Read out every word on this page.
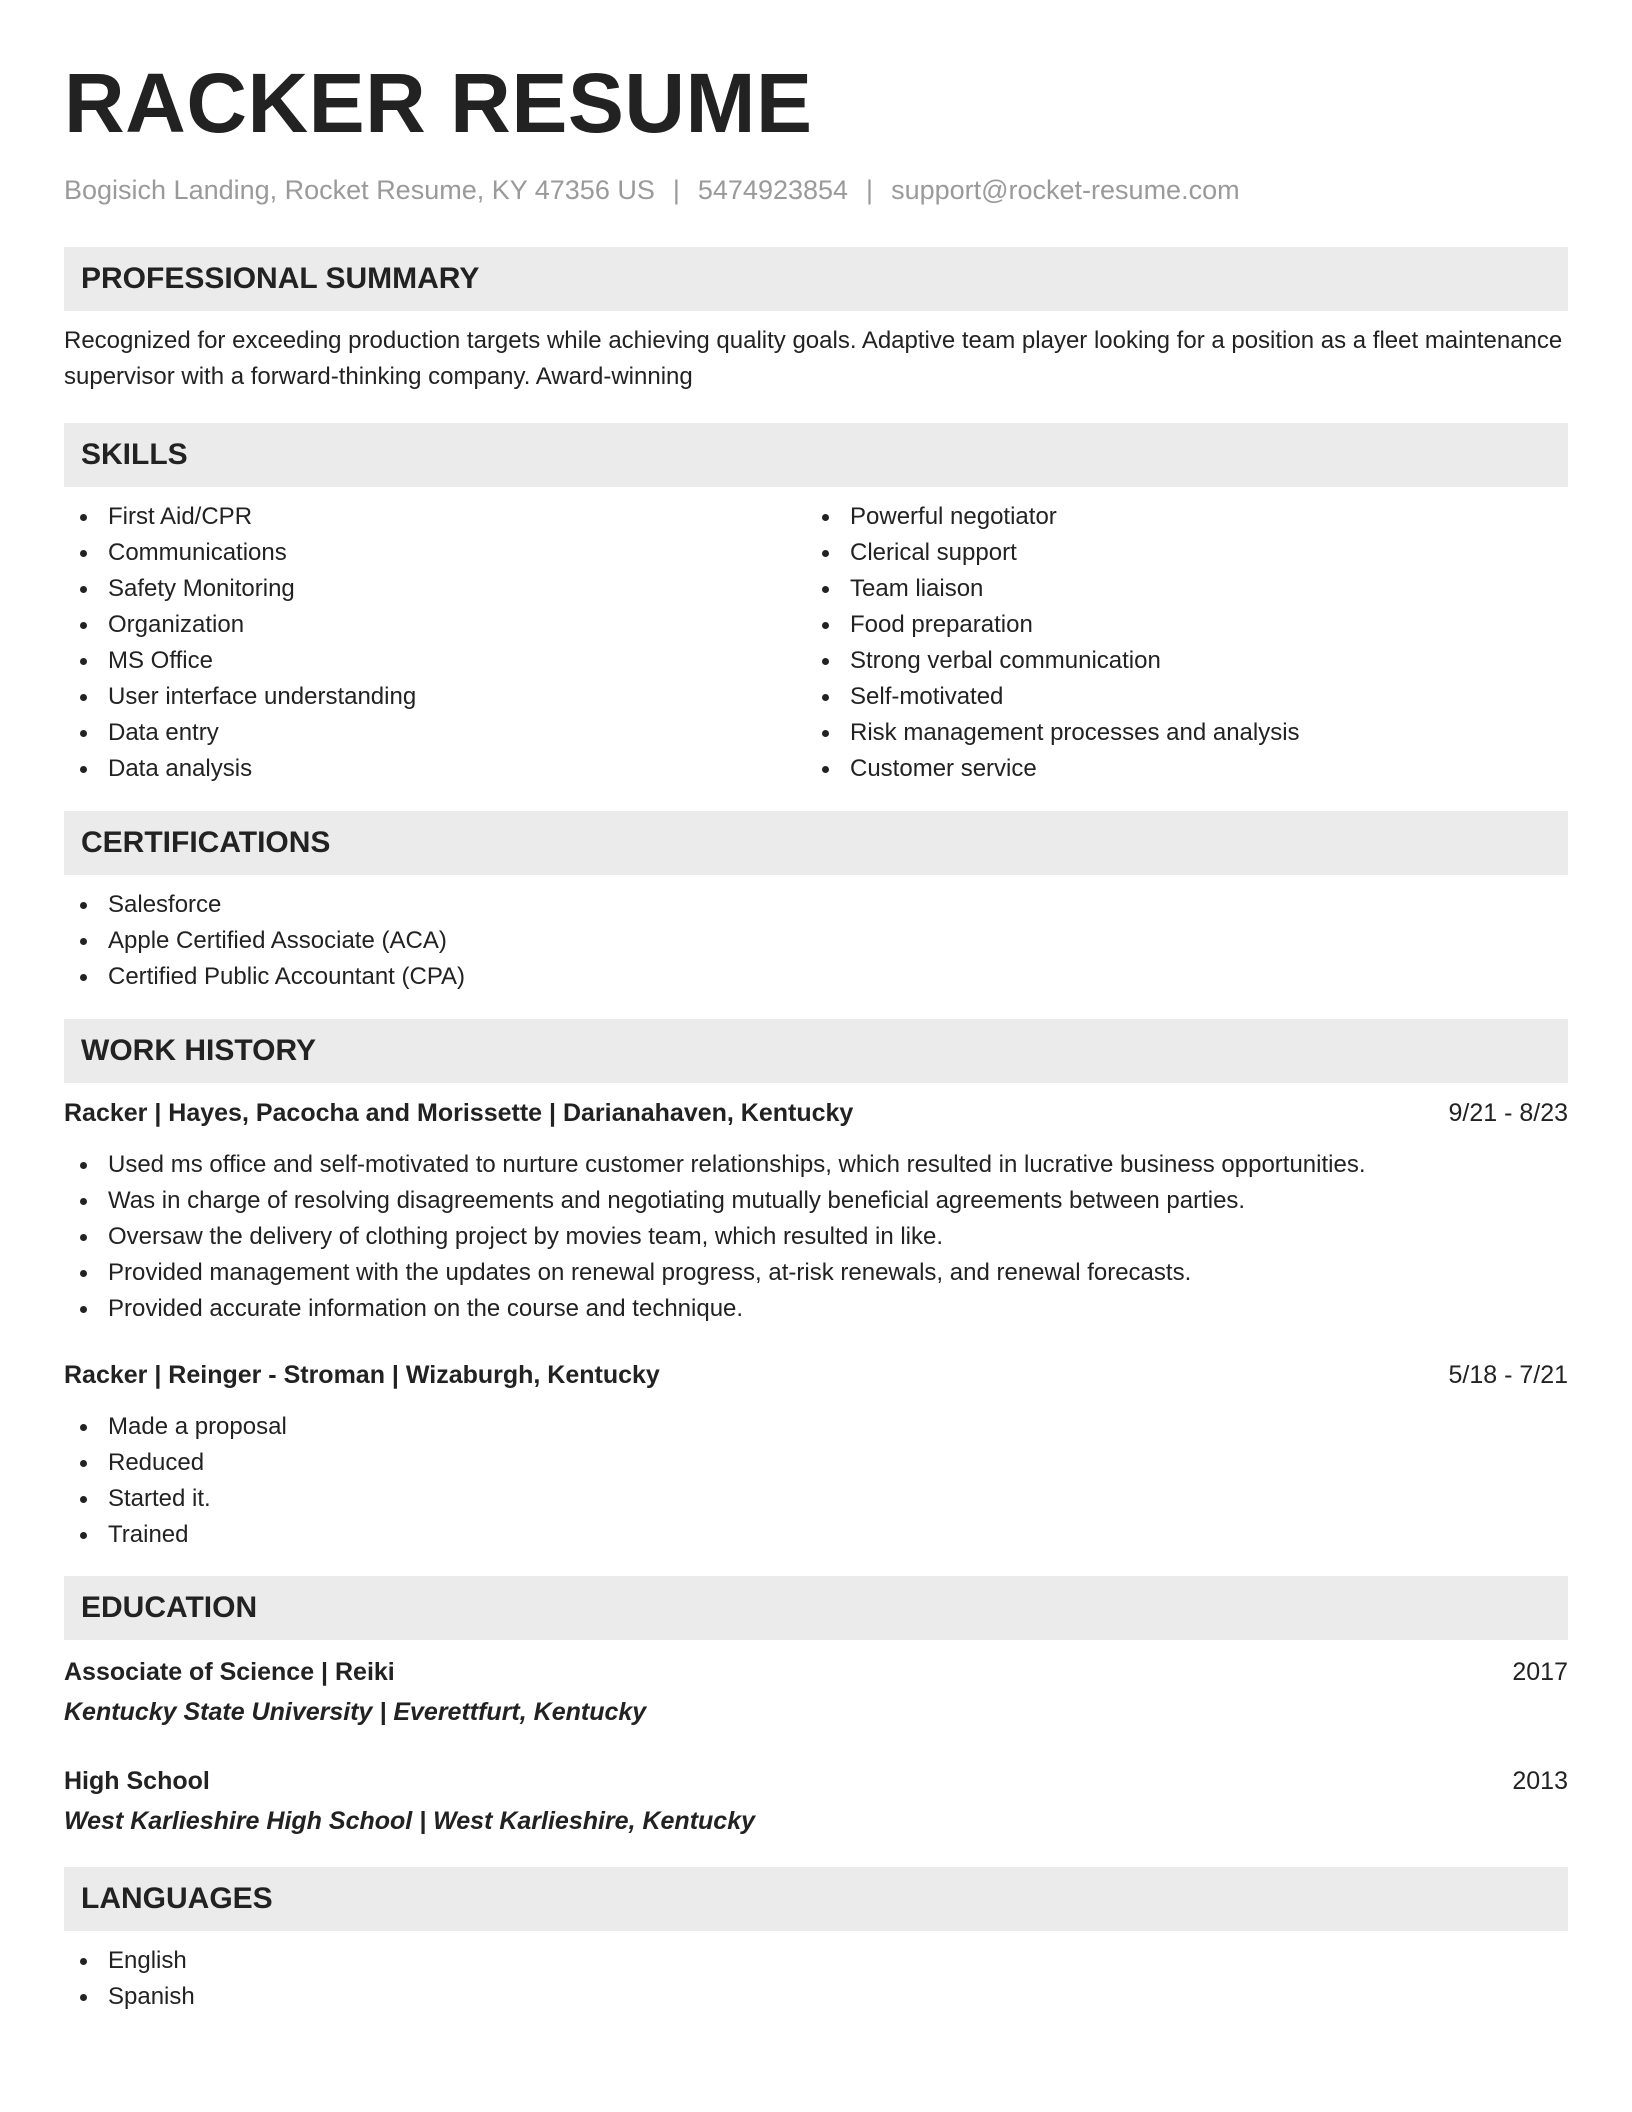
RACKER RESUME
Bogisich Landing, Rocket Resume, KY 47356 US | 5474923854 | support@rocket-resume.com
PROFESSIONAL SUMMARY
Recognized for exceeding production targets while achieving quality goals. Adaptive team player looking for a position as a fleet maintenance supervisor with a forward-thinking company. Award-winning
SKILLS
First Aid/CPR
Communications
Safety Monitoring
Organization
MS Office
User interface understanding
Data entry
Data analysis
Powerful negotiator
Clerical support
Team liaison
Food preparation
Strong verbal communication
Self-motivated
Risk management processes and analysis
Customer service
CERTIFICATIONS
Salesforce
Apple Certified Associate (ACA)
Certified Public Accountant (CPA)
WORK HISTORY
Racker | Hayes, Pacocha and Morissette | Darianahaven, Kentucky	9/21 - 8/23
Used ms office and self-motivated to nurture customer relationships, which resulted in lucrative business opportunities.
Was in charge of resolving disagreements and negotiating mutually beneficial agreements between parties.
Oversaw the delivery of clothing project by movies team, which resulted in like.
Provided management with the updates on renewal progress, at-risk renewals, and renewal forecasts.
Provided accurate information on the course and technique.
Racker | Reinger - Stroman | Wizaburgh, Kentucky	5/18 - 7/21
Made a proposal
Reduced
Started it.
Trained
EDUCATION
Associate of Science | Reiki	2017
Kentucky State University | Everettfurt, Kentucky
High School	2013
West Karlieshire High School | West Karlieshire, Kentucky
LANGUAGES
English
Spanish
